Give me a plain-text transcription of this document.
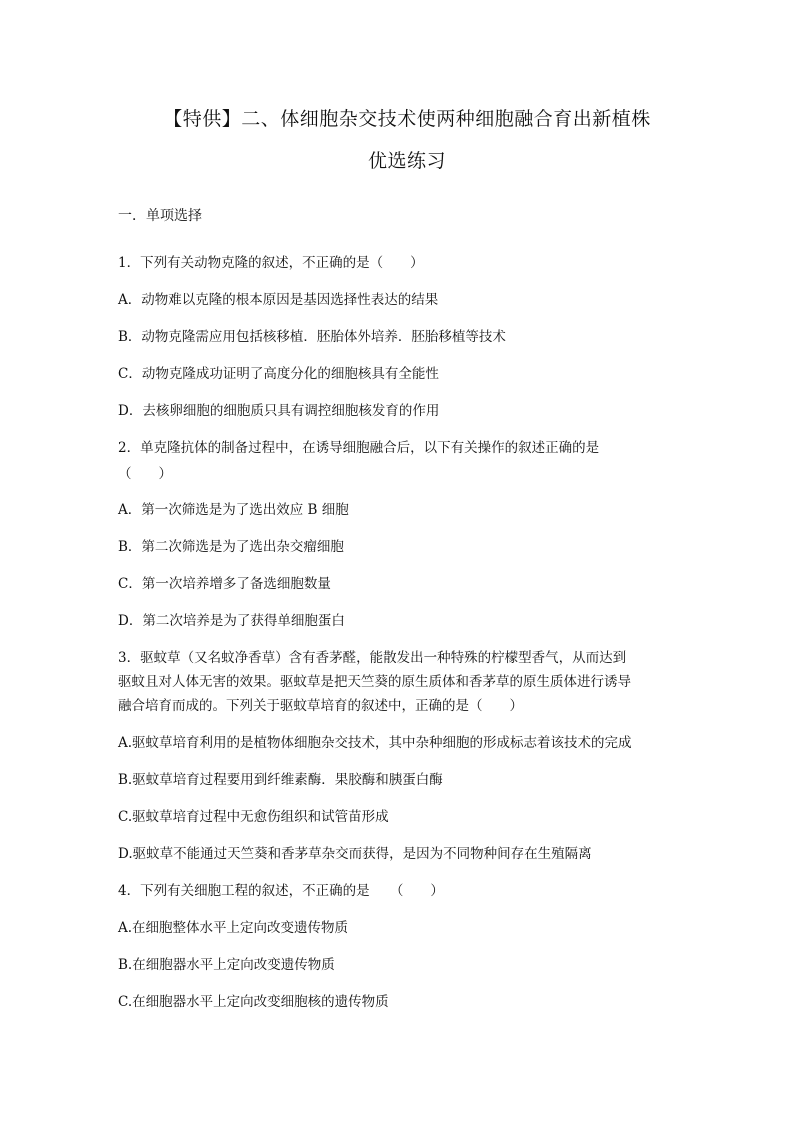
【特供】二、体细胞杂交技术使两种细胞融合育出新植株
优选练习
一．单项选择
1．下列有关动物克隆的叙述，不正确的是（　　）
A．动物难以克隆的根本原因是基因选择性表达的结果
B．动物克隆需应用包括核移植．胚胎体外培养．胚胎移植等技术
C．动物克隆成功证明了高度分化的细胞核具有全能性
D．去核卵细胞的细胞质只具有调控细胞核发育的作用
2．单克隆抗体的制备过程中，在诱导细胞融合后，以下有关操作的叙述正确的是
（　　）
A．第一次筛选是为了选出效应 B 细胞
B．第二次筛选是为了选出杂交瘤细胞
C．第一次培养增多了备选细胞数量
D．第二次培养是为了获得单细胞蛋白
3．驱蚊草（又名蚊净香草）含有香茅醛，能散发出一种特殊的柠檬型香气，从而达到
驱蚊且对人体无害的效果。驱蚊草是把天竺葵的原生质体和香茅草的原生质体进行诱导
融合培育而成的。下列关于驱蚊草培育的叙述中，正确的是（　　）
A.驱蚊草培育利用的是植物体细胞杂交技术，其中杂种细胞的形成标志着该技术的完成
B.驱蚊草培育过程要用到纤维素酶．果胶酶和胰蛋白酶
C.驱蚊草培育过程中无愈伤组织和试管苗形成
D.驱蚊草不能通过天竺葵和香茅草杂交而获得，是因为不同物种间存在生殖隔离
4．下列有关细胞工程的叙述，不正确的是　　（　　）
A.在细胞整体水平上定向改变遗传物质
B.在细胞器水平上定向改变遗传物质
C.在细胞器水平上定向改变细胞核的遗传物质
